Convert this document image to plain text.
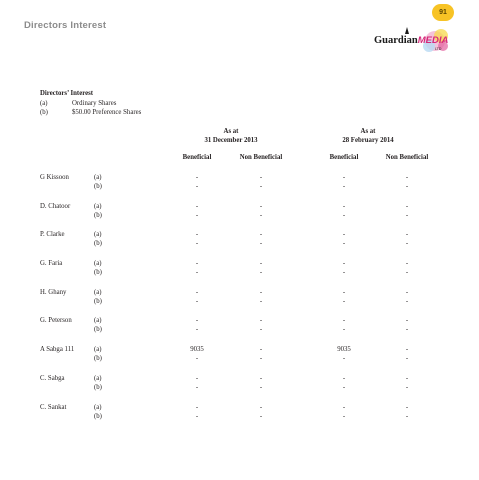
Directors Interest
91
GuardianMEDIA
LTD
Directors’ Interest
(a)	Ordinary Shares
(b)	$50.00 Preference Shares
As at
31 December 2013
As at
28 February 2014
Beneficial	Non Beneficial	Beneficial	Non Beneficial
G Kissoon	(a)	-	-	-	-
(b)	-	-	-	-
D. Chatoor	(a)	-	-	-	-
(b)	-	-	-	-
P. Clarke	(a)	-	-	-	-
(b)	-	-	-	-
G. Faria	(a)	-	-	-	-
(b)	-	-	-	-
H. Ghany	(a)	-	-	-	-
(b)	-	-	-	-
G. Peterson	(a)	-	-	-	-
(b)	-	-	-	-
A Sabga 111	(a)	9035	-	9035	-
(b)	-	-	-	-
C. Sabga	(a)	-	-	-	-
(b)	-	-	-	-
C. Sankat	(a)	-	-	-	-
(b)	-	-	-	-
